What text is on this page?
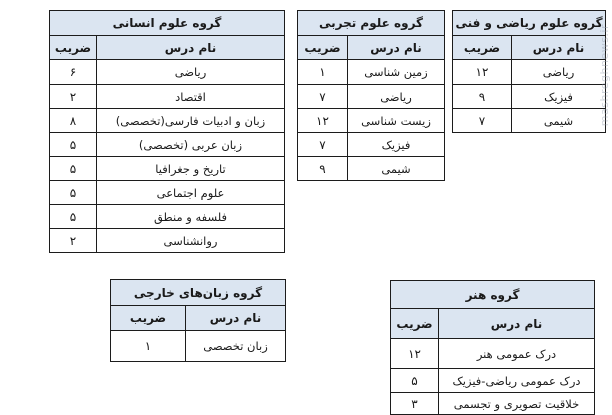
گروه علوم ریاضی و فنی	
نام درس	ضریب
ریاضی	۱۲
فیزیک	۹
شیمی	۷
گروه علوم تجربی	
نام درس	ضریب
زمین شناسی	۱
ریاضی	۷
زیست شناسی	۱۲
فیزیک	۷
شیمی	۹
گروه علوم انسانی	
نام درس	ضریب
ریاضی	۶
اقتصاد	۲
زبان و ادبیات فارسی(تخصصی)	۸
زبان عربی (تخصصی)	۵
تاریخ و جغرافیا	۵
علوم اجتماعی	۵
فلسفه و منطق	۵
روانشناسی	۲
گروه زبان‌های خارجی	
نام درس	ضریب
زبان تخصصی	۱
گروه هنر	
نام درس	ضریب
درک عمومی هنر	۱۲
درک عمومی ریاضی-فیزیک	۵
خلاقیت تصویری و تجسمی	۳
mashreghnews.ir
